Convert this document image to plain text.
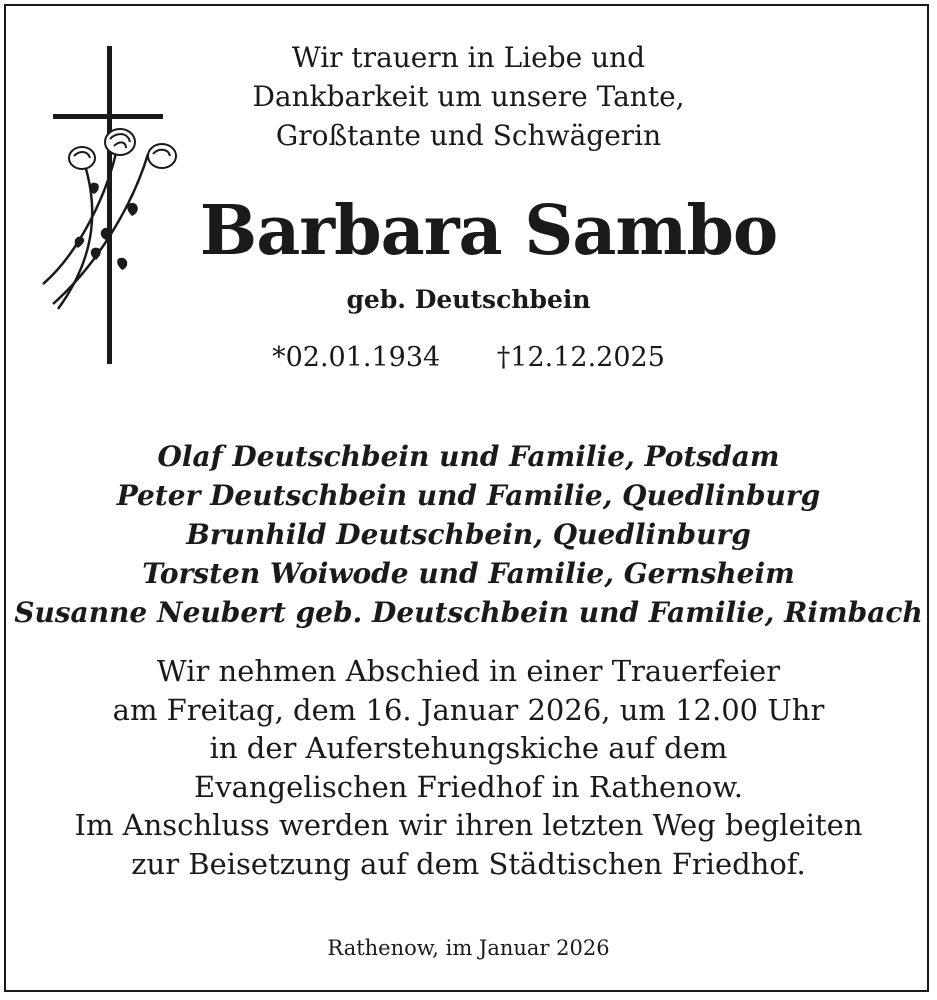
Wir trauern in Liebe und
Dankbarkeit um unsere Tante,
Großtante und Schwägerin
Barbara Sambo
geb. Deutschbein
*02.01.1934 †12.12.2025
Olaf Deutschbein und Familie, Potsdam
Peter Deutschbein und Familie, Quedlinburg
Brunhild Deutschbein, Quedlinburg
Torsten Woiwode und Familie, Gernsheim
Susanne Neubert geb. Deutschbein und Familie, Rimbach
Wir nehmen Abschied in einer Trauerfeier
am Freitag, dem 16. Januar 2026, um 12.00 Uhr
in der Auferstehungskiche auf dem
Evangelischen Friedhof in Rathenow.
Im Anschluss werden wir ihren letzten Weg begleiten
zur Beisetzung auf dem Städtischen Friedhof.
Rathenow, im Januar 2026
